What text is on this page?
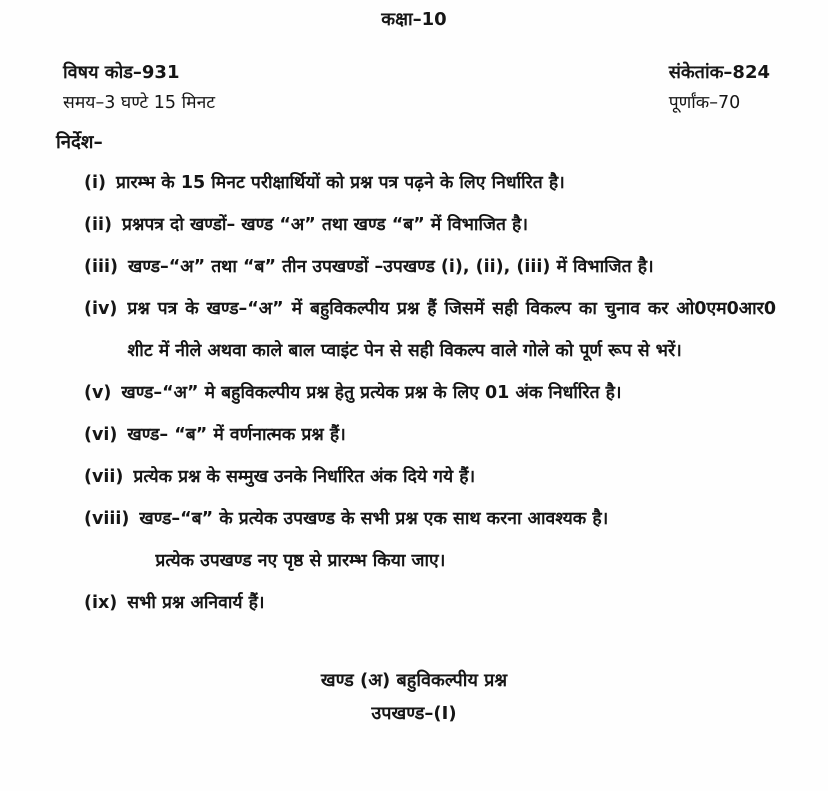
कक्षा–10
विषय कोड–931
समय–3 घण्टे 15 मिनट
संकेतांक–824
पूर्णांक–70
निर्देश–
(i) प्रारम्भ के 15 मिनट परीक्षार्थियों को प्रश्न पत्र पढ़ने के लिए निर्धारित है।
(ii) प्रश्नपत्र दो खण्डों– खण्ड “अ” तथा खण्ड “ब” में विभाजित है।
(iii) खण्ड–“अ” तथा “ब” तीन उपखण्डों –उपखण्ड (i), (ii), (iii) में विभाजित है।
(iv) प्रश्न पत्र के खण्ड–“अ” में बहुविकल्पीय प्रश्न हैं जिसमें सही विकल्प का चुनाव कर ओ0एम0आर0 शीट में नीले अथवा काले बाल प्वाइंट पेन से सही विकल्प वाले गोले को पूर्ण रूप से भरें।
(v) खण्ड–“अ” मे बहुविकल्पीय प्रश्न हेतु प्रत्येक प्रश्न के लिए 01 अंक निर्धारित है।
(vi) खण्ड– “ब” में वर्णनात्मक प्रश्न हैं।
(vii) प्रत्येक प्रश्न के सम्मुख उनके निर्धारित अंक दिये गये हैं।
(viii) खण्ड–“ब” के प्रत्येक उपखण्ड के सभी प्रश्न एक साथ करना आवश्यक है।
प्रत्येक उपखण्ड नए पृष्ठ से प्रारम्भ किया जाए।
(ix) सभी प्रश्न अनिवार्य हैं।
खण्ड (अ) बहुविकल्पीय प्रश्न
उपखण्ड–(I)
